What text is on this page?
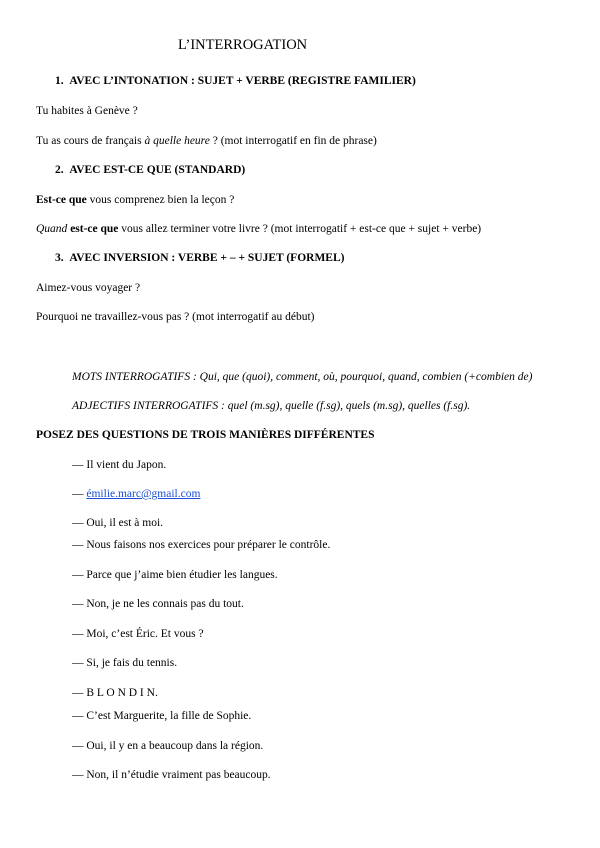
L’INTERROGATION
1.  AVEC L’INTONATION : SUJET + VERBE (REGISTRE FAMILIER)
Tu habites à Genève ?
Tu as cours de français à quelle heure ? (mot interrogatif en fin de phrase)
2.  AVEC EST-CE QUE (STANDARD)
Est-ce que vous comprenez bien la leçon ?
Quand est-ce que vous allez terminer votre livre ? (mot interrogatif + est-ce que + sujet + verbe)
3.  AVEC INVERSION : VERBE + – + SUJET (FORMEL)
Aimez-vous voyager ?
Pourquoi ne travaillez-vous pas ? (mot interrogatif au début)
MOTS INTERROGATIFS : Qui, que (quoi), comment, où, pourquoi, quand, combien (+combien de)
ADJECTIFS INTERROGATIFS : quel (m.sg), quelle (f.sg), quels (m.sg), quelles (f.sg).
POSEZ DES QUESTIONS DE TROIS MANIÈRES DIFFÉRENTES
— Il vient du Japon.
— émilie.marc@gmail.com
— Oui, il est à moi.
— Nous faisons nos exercices pour préparer le contrôle.
— Parce que j’aime bien étudier les langues.
— Non, je ne les connais pas du tout.
— Moi, c’est Éric. Et vous ?
— Si, je fais du tennis.
— B L O N D I N.
— C’est Marguerite, la fille de Sophie.
— Oui, il y en a beaucoup dans la région.
— Non, il n’étudie vraiment pas beaucoup.
